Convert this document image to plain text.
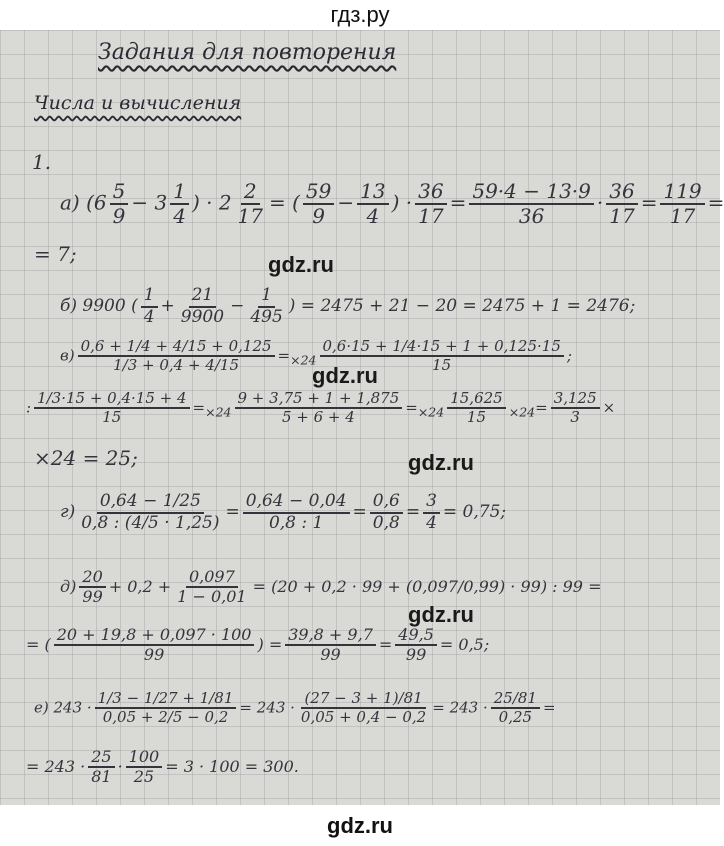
гдз.ру
Задания для повторения
Числа и вычисления
1.
а) ($6 \frac{5}{9} - 3 \frac{1}{4}$ ) · $2 \frac{2}{17}$ = ( $\frac{59}{9} - \frac{13}{4}$ ) · $\frac{36}{17} = \frac{59\cdot 4 - 13\cdot 9}{36} \cdot \frac{36}{17} = \frac{119}{17}$ =
= 7;	gdz.ru
б) 9900 ( $\frac{1}{4} + \frac{21}{9900} - \frac{1}{495}$ ) = 2475 + 21 − 20 = 2475 + 1 = 2476;
$в) \frac{0,6 + 1/4 + 4/15 + 0,125}{1/3 + 0,4 + 4/15} =_{\times 24} \frac{0,6\cdot 15 + 1/4\cdot 15 + 1 + 0,125\cdot 15}{15}$ ;
gdz.ru
: $\frac{1/3\cdot 15 + 0,4\cdot 15 + 4}{15} =_{\times 24} \frac{9 + 3,75 + 1 + 1,875}{5 + 6 + 4} =_{\times 24} \frac{15,625}{15} _{\times 24}= \frac{3,125}{3}$ ×
×24 = 25;	gdz.ru
$г) \frac{0,64 - 1/25}{0,8 : (4/5 \cdot 1,25)} = \frac{0,64 - 0,04}{0,8 : 1} = \frac{0,6}{0,8} = \frac{3}{4} = 0,75$;
$д) \frac{20}{99} + 0,2 + \frac{0,097}{1 - 0,01} = (20 + 0,2 \cdot 99 + (0,097/0,99) \cdot 99)$ : 99 =
gdz.ru
= ( $\frac{20 + 19,8 + 0,097 \cdot 100}{99}$ ) = $\frac{39,8 + 9,7}{99} = \frac{49,5}{99} = 0,5$;
е) $243 \cdot \frac{1/3 - 1/27 + 1/81}{0,05 + 2/5 - 0,2} = 243 \cdot \frac{(27 - 3 + 1)/81}{0,05 + 0,4 - 0,2} = 243 \cdot \frac{25/81}{0,25}$ =
= $243 \cdot \frac{25}{81} \cdot \frac{100}{25} = 3 \cdot 100 = 300$.
gdz.ru
